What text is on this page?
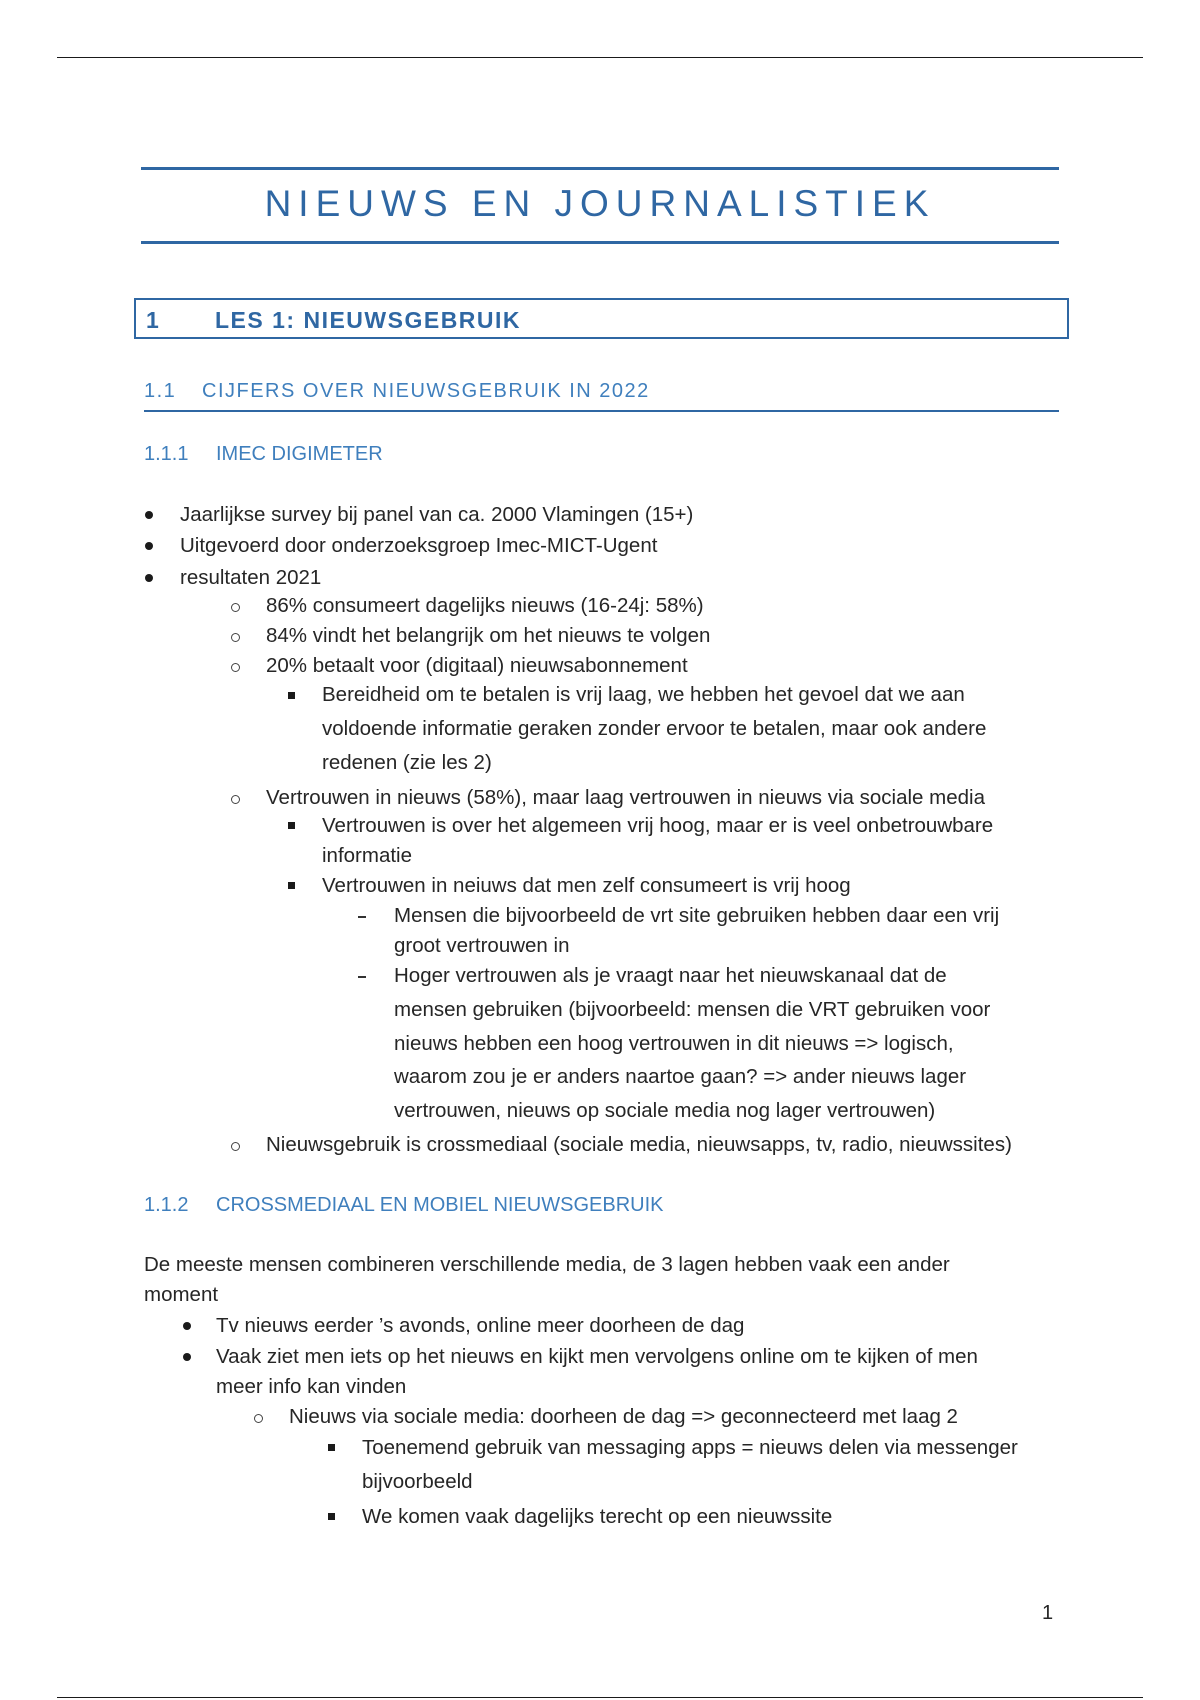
NIEUWS EN JOURNALISTIEK
1 LES 1: NIEUWSGEBRUIK
1.1 CIJFERS OVER NIEUWSGEBRUIK IN 2022
1.1.1 IMEC DIGIMETER
Jaarlijkse survey bij panel van ca. 2000 Vlamingen (15+)
Uitgevoerd door onderzoeksgroep Imec-MICT-Ugent
resultaten 2021
86% consumeert dagelijks nieuws (16-24j: 58%)
84% vindt het belangrijk om het nieuws te volgen
20% betaalt voor (digitaal) nieuwsabonnement
Bereidheid om te betalen is vrij laag, we hebben het gevoel dat we aan
voldoende informatie geraken zonder ervoor te betalen, maar ook andere
redenen (zie les 2)
Vertrouwen in nieuws (58%), maar laag vertrouwen in nieuws via sociale media
Vertrouwen is over het algemeen vrij hoog, maar er is veel onbetrouwbare
informatie
Vertrouwen in neiuws dat men zelf consumeert is vrij hoog
Mensen die bijvoorbeeld de vrt site gebruiken hebben daar een vrij
groot vertrouwen in
Hoger vertrouwen als je vraagt naar het nieuwskanaal dat de
mensen gebruiken (bijvoorbeeld: mensen die VRT gebruiken voor
nieuws hebben een hoog vertrouwen in dit nieuws => logisch,
waarom zou je er anders naartoe gaan? => ander nieuws lager
vertrouwen, nieuws op sociale media nog lager vertrouwen)
Nieuwsgebruik is crossmediaal (sociale media, nieuwsapps, tv, radio, nieuwssites)
1.1.2 CROSSMEDIAAL EN MOBIEL NIEUWSGEBRUIK
De meeste mensen combineren verschillende media, de 3 lagen hebben vaak een ander
moment
Tv nieuws eerder ’s avonds, online meer doorheen de dag
Vaak ziet men iets op het nieuws en kijkt men vervolgens online om te kijken of men
meer info kan vinden
Nieuws via sociale media: doorheen de dag => geconnecteerd met laag 2
Toenemend gebruik van messaging apps = nieuws delen via messenger
bijvoorbeeld
We komen vaak dagelijks terecht op een nieuwssite
1
